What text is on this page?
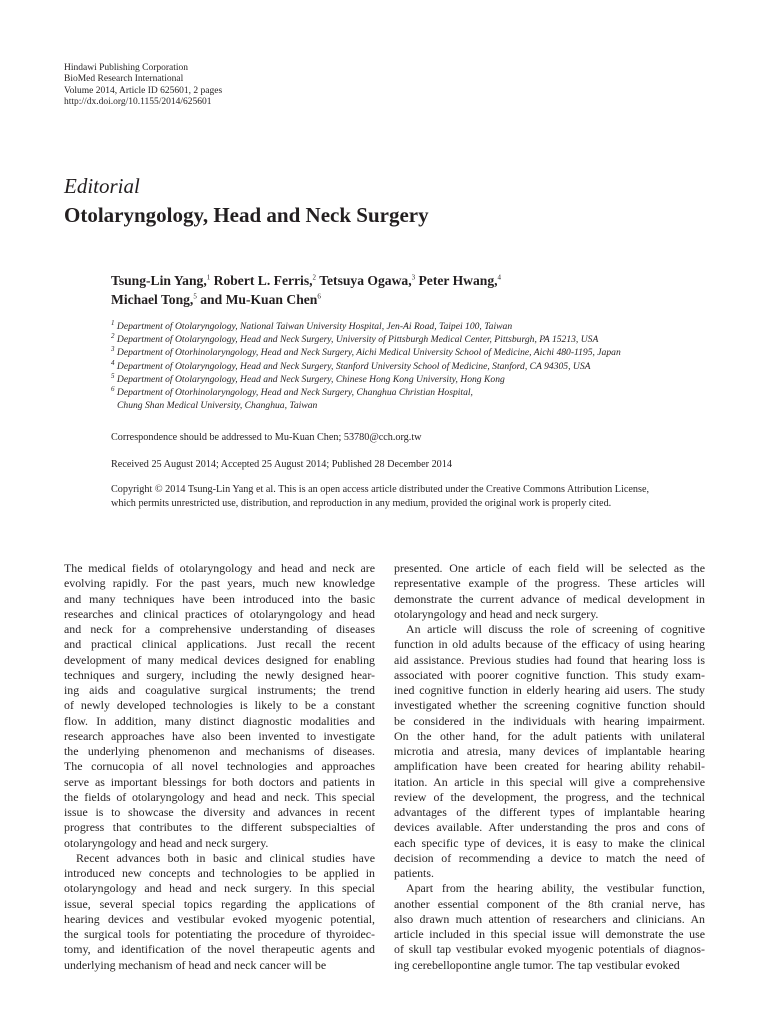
Hindawi Publishing Corporation
BioMed Research International
Volume 2014, Article ID 625601, 2 pages
http://dx.doi.org/10.1155/2014/625601
Editorial
Otolaryngology, Head and Neck Surgery
Tsung-Lin Yang,$^1$ Robert L. Ferris,$^2$ Tetsuya Ogawa,$^3$ Peter Hwang,$^4$
Michael Tong,$^5$ and Mu-Kuan Chen$^6$
$^1$ Department of Otolaryngology, National Taiwan University Hospital, Jen-Ai Road, Taipei 100, Taiwan
$^2$ Department of Otolaryngology, Head and Neck Surgery, University of Pittsburgh Medical Center, Pittsburgh, PA 15213, USA
$^3$ Department of Otorhinolaryngology, Head and Neck Surgery, Aichi Medical University School of Medicine, Aichi 480-1195, Japan
$^4$ Department of Otolaryngology, Head and Neck Surgery, Stanford University School of Medicine, Stanford, CA 94305, USA
$^5$ Department of Otolaryngology, Head and Neck Surgery, Chinese Hong Kong University, Hong Kong
$^6$ Department of Otorhinolaryngology, Head and Neck Surgery, Changhua Christian Hospital,
Chung Shan Medical University, Changhua, Taiwan
Correspondence should be addressed to Mu-Kuan Chen; 53780@cch.org.tw
Received 25 August 2014; Accepted 25 August 2014; Published 28 December 2014
Copyright © 2014 Tsung-Lin Yang et al. This is an open access article distributed under the Creative Commons Attribution License,
which permits unrestricted use, distribution, and reproduction in any medium, provided the original work is properly cited.
The medical fields of otolaryngology and head and neck are
evolving rapidly. For the past years, much new knowledge
and many techniques have been introduced into the basic
researches and clinical practices of otolaryngology and head
and neck for a comprehensive understanding of diseases
and practical clinical applications. Just recall the recent
development of many medical devices designed for enabling
techniques and surgery, including the newly designed hear-
ing aids and coagulative surgical instruments; the trend
of newly developed technologies is likely to be a constant
flow. In addition, many distinct diagnostic modalities and
research approaches have also been invented to investigate
the underlying phenomenon and mechanisms of diseases.
The cornucopia of all novel technologies and approaches
serve as important blessings for both doctors and patients in
the fields of otolaryngology and head and neck. This special
issue is to showcase the diversity and advances in recent
progress that contributes to the different subspecialties of
otolaryngology and head and neck surgery.
Recent advances both in basic and clinical studies have
introduced new concepts and technologies to be applied in
otolaryngology and head and neck surgery. In this special
issue, several special topics regarding the applications of
hearing devices and vestibular evoked myogenic potential,
the surgical tools for potentiating the procedure of thyroidec-
tomy, and identification of the novel therapeutic agents and
underlying mechanism of head and neck cancer will be
presented. One article of each field will be selected as the
representative example of the progress. These articles will
demonstrate the current advance of medical development in
otolaryngology and head and neck surgery.
An article will discuss the role of screening of cognitive
function in old adults because of the efficacy of using hearing
aid assistance. Previous studies had found that hearing loss is
associated with poorer cognitive function. This study exam-
ined cognitive function in elderly hearing aid users. The study
investigated whether the screening cognitive function should
be considered in the individuals with hearing impairment.
On the other hand, for the adult patients with unilateral
microtia and atresia, many devices of implantable hearing
amplification have been created for hearing ability rehabil-
itation. An article in this special will give a comprehensive
review of the development, the progress, and the technical
advantages of the different types of implantable hearing
devices available. After understanding the pros and cons of
each specific type of devices, it is easy to make the clinical
decision of recommending a device to match the need of
patients.
Apart from the hearing ability, the vestibular function,
another essential component of the 8th cranial nerve, has
also drawn much attention of researchers and clinicians. An
article included in this special issue will demonstrate the use
of skull tap vestibular evoked myogenic potentials of diagnos-
ing cerebellopontine angle tumor. The tap vestibular evoked
